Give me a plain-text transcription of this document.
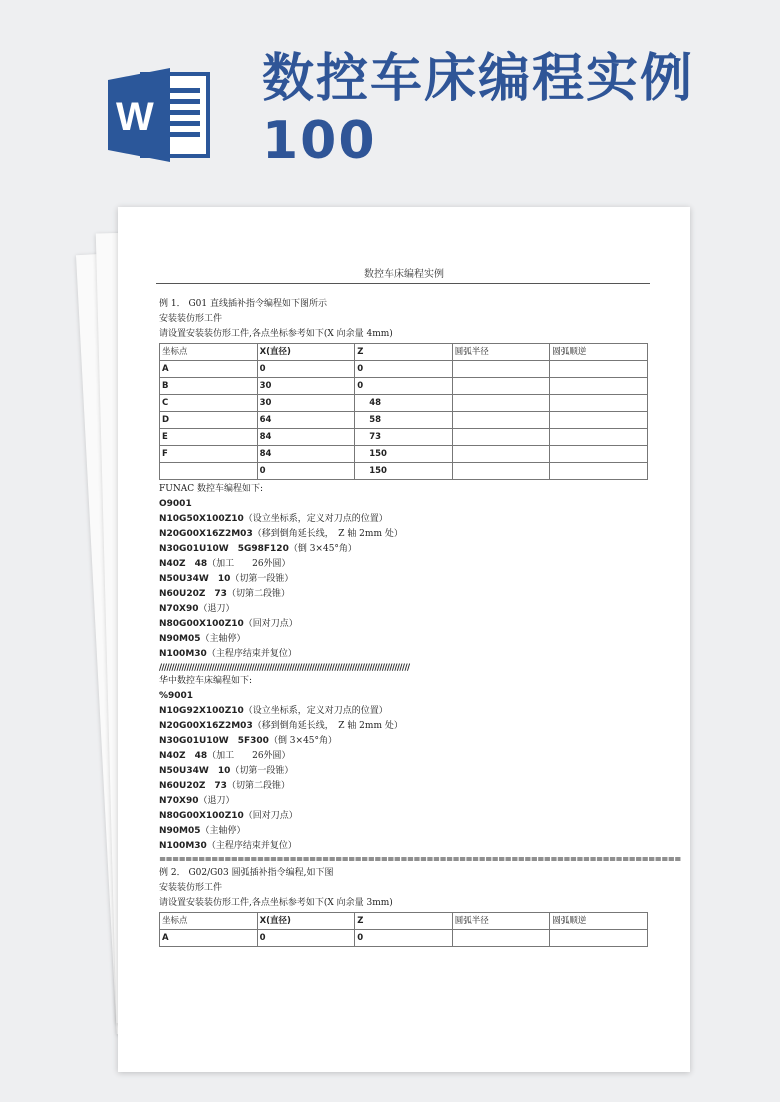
W
数控车床编程实例
100
数控车床编程实例
例 1． G01 直线插补指令编程如下图所示
安装装仿形工件
请设置安装装仿形工件,各点坐标参考如下(X 向余量 4mm)
坐标点	X(直径)	Z	圆弧半径	圆弧顺逆
A	0	0		
B	30	0		
C	30	48		
D	64	58		
E	84	73		
F	84	150		
	0	150		
FUNAC 数控车编程如下:
O9001
N10G50X100Z10（设立坐标系，定义对刀点的位置）
N20G00X16Z2M03（移到倒角延长线，　Z 轴 2mm 处）
N30G01U10W　5G98F120（倒 3×45°角）
N40Z　48（加工　　26外圆）
N50U34W　10（切第一段锥）
N60U20Z　73（切第二段锥）
N70X90（退刀）
N80G00X100Z10（回对刀点）
N90M05（主轴停）
N100M30（主程序结束并复位）
////////////////////////////////////////////////////////////////////////////////////////////////////
华中数控车床编程如下:
%9001
N10G92X100Z10（设立坐标系，定义对刀点的位置）
N20G00X16Z2M03（移到倒角延长线，　Z 轴 2mm 处）
N30G01U10W　5F300（倒 3×45°角）
N40Z　48（加工　　26外圆）
N50U34W　10（切第一段锥）
N60U20Z　73（切第二段锥）
N70X90（退刀）
N80G00X100Z10（回对刀点）
N90M05（主轴停）
N100M30（主程序结束并复位）
================================================================================
例 2． G02/G03 圆弧插补指令编程,如下图
安装装仿形工件
请设置安装装仿形工件,各点坐标参考如下(X 向余量 3mm)
坐标点	X(直径)	Z	圆弧半径	圆弧顺逆
A	0	0		
